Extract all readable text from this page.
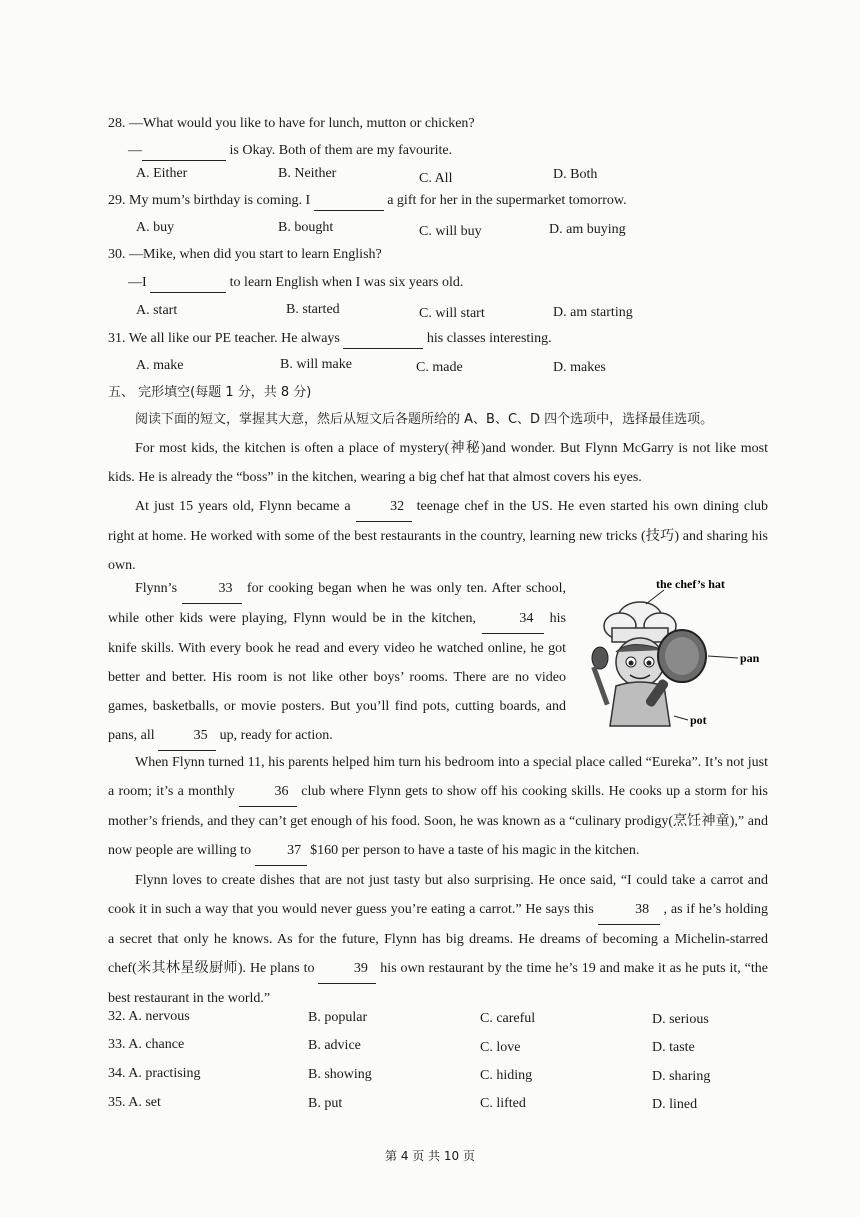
28. —What would you like to have for lunch, mutton or chicken?
—	is Okay. Both of them are my favourite.
A. Either	B. Neither	C. All	D. Both
29. My mum’s birthday is coming. I	a gift for her in the supermarket tomorrow.
A. buy	B. bought	C. will buy	D. am buying
30. —Mike, when did you start to learn English?
—I	to learn English when I was six years old.
A. start	B. started	C. will start	D. am starting
31. We all like our PE teacher. He always	his classes interesting.
A. make	B. will make	C. made	D. makes
五、 完形填空(每题 1 分，共 8 分)
阅读下面的短文，掌握其大意，然后从短文后各题所给的 A、B、C、D 四个选项中，选择最佳选项。

For most kids, the kitchen is often a place of mystery(神秘)and wonder. But Flynn McGarry is not like most kids. He is already the “boss” in the kitchen, wearing a big chef hat that almost covers his eyes.

At just 15 years old, Flynn became a 32 teenage chef in the US. He even started his own dining club right at home. He worked with some of the best restaurants in the country, learning new tricks (技巧) and sharing his own.

Flynn’s	33 for cooking began when he was only ten. After school, while other kids were playing, Flynn would be in the kitchen,	34 his knife skills. With every book he read and every video he watched online, he got better and better. His room is not like other boys’ rooms. There are no video games, basketballs, or movie posters. But you’ll find pots, cutting boards, and pans, all	35 up, ready for action.

the chef’s hat
pan
pot

When Flynn turned 11, his parents helped him turn his bedroom into a special place called “Eureka”. It’s not just a room; it’s a monthly	36 club where Flynn gets to show off his cooking skills. He cooks up a storm for his mother’s friends, and they can’t get enough of his food. Soon, he was known as a “culinary prodigy(烹饪神童),” and now people are willing to 37 $160 per person to have a taste of his magic in the kitchen.

Flynn loves to create dishes that are not just tasty but also surprising. He once said, “I could take a carrot and cook it in such a way that you would never guess you’re eating a carrot.” He says this	38 , as if he’s holding a secret that only he knows. As for the future, Flynn has big dreams. He dreams of becoming a Michelin-starred chef(米其林星级厨师). He plans to	39 his own restaurant by the time he’s 19 and make it as he puts it, “the best restaurant in the world.”

32. A. nervous	B. popular	C. careful	D. serious
33. A. chance	B. advice	C. love	D. taste
34. A. practising	B. showing	C. hiding	D. sharing
35. A. set	B. put	C. lifted	D. lined
第 4 页 共 10 页
